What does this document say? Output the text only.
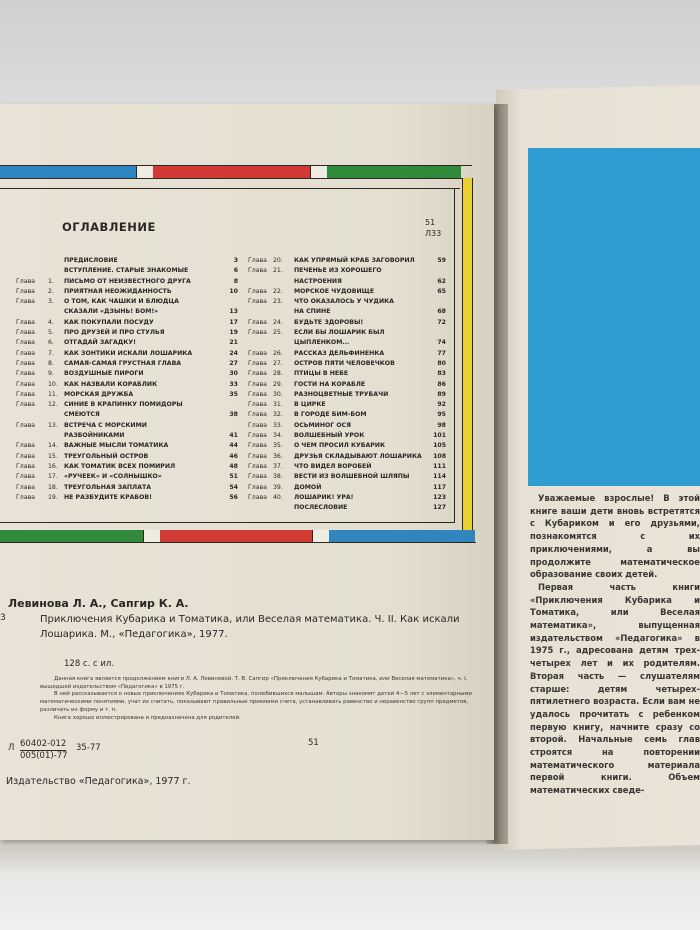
Уважаемые взрослые! В этой книге ваши дети вновь встретятся с Кубариком и его друзьями, познакомятся с их приключениями, а вы продолжите математическое образование своих детей.

Первая часть книги «Приключения Кубарика и Томатика, или Веселая математика», выпущенная издательством «Педагогика» в 1975 г., адресована детям трех-четырех лет и их родителям. Вторая часть — слушателям старше: детям четырех-пятилетнего возраста. Если вам не удалось прочитать с ребенком первую книгу, начните сразу со второй. Начальные семь глав строятся на повторении математического материала первой книги. Объем математических сведе-

ОГЛАВЛЕНИЕ	51
Л33
ПРЕДИСЛОВИЕ	3
ВСТУПЛЕНИЕ. СТАРЫЕ ЗНАКОМЫЕ	6
Глава 1. ПИСЬМО ОТ НЕИЗВЕСТНОГО ДРУГА	8
Глава 2. ПРИЯТНАЯ НЕОЖИДАННОСТЬ	10
Глава 3. О ТОМ, КАК ЧАШКИ И БЛЮДЦА
СКАЗАЛИ «ДЗЫНЬ! БОМ!»	13
Глава 4. КАК ПОКУПАЛИ ПОСУДУ	17
Глава 5. ПРО ДРУЗЕЙ И ПРО СТУЛЬЯ	19
Глава 6. ОТГАДАЙ ЗАГАДКУ!	21
Глава 7. КАК ЗОНТИКИ ИСКАЛИ ЛОШАРИКА	24
Глава 8. САМАЯ-САМАЯ ГРУСТНАЯ ГЛАВА	27
Глава 9. ВОЗДУШНЫЕ ПИРОГИ	30
Глава 10. КАК НАЗВАЛИ КОРАБЛИК	33
Глава 11. МОРСКАЯ ДРУЖБА	35
Глава 12. СИНИЕ В КРАПИНКУ ПОМИДОРЫ
СМЕЮТСЯ	38
Глава 13. ВСТРЕЧА С МОРСКИМИ
РАЗБОЙНИКАМИ	41
Глава 14. ВАЖНЫЕ МЫСЛИ ТОМАТИКА	44
Глава 15. ТРЕУГОЛЬНЫЙ ОСТРОВ	46
Глава 16. КАК ТОМАТИК ВСЕХ ПОМИРИЛ	48
Глава 17. «РУЧЕЕК» И «СОЛНЫШКО»	51
Глава 18. ТРЕУГОЛЬНАЯ ЗАПЛАТА	54
Глава 19. НЕ РАЗБУДИТЕ КРАБОВ!	56
Глава 20. КАК УПРЯМЫЙ КРАБ ЗАГОВОРИЛ	59
Глава 21. ПЕЧЕНЬЕ ИЗ ХОРОШЕГО
НАСТРОЕНИЯ	62
Глава 22. МОРСКОЕ ЧУДОВИЩЕ	65
Глава 23. ЧТО ОКАЗАЛОСЬ У ЧУДИКА
НА СПИНЕ	68
Глава 24. БУДЬТЕ ЗДОРОВЫ!	72
Глава 25. ЕСЛИ БЫ ЛОШАРИК БЫЛ
ЦЫПЛЕНКОМ...	74
Глава 26. РАССКАЗ ДЕЛЬФИНЕНКА	77
Глава 27. ОСТРОВ ПЯТИ ЧЕЛОВЕЧКОВ	80
Глава 28. ПТИЦЫ В НЕБЕ	83
Глава 29. ГОСТИ НА КОРАБЛЕ	86
Глава 30. РАЗНОЦВЕТНЫЕ ТРУБАЧИ	89
Глава 31. В ЦИРКЕ	92
Глава 32. В ГОРОДЕ БИМ-БОМ	95
Глава 33. ОСЬМИНОГ ОСЯ	98
Глава 34. ВОЛШЕБНЫЙ УРОК	101
Глава 35. О ЧЕМ ПРОСИЛ КУБАРИК	105
Глава 36. ДРУЗЬЯ СКЛАДЫВАЮТ ЛОШАРИКА	108
Глава 37. ЧТО ВИДЕЛ ВОРОБЕЙ	111
Глава 38. ВЕСТИ ИЗ ВОЛШЕБНОЙ ШЛЯПЫ	114
Глава 39. ДОМОЙ	117
Глава 40. ЛОШАРИК! УРА!	123
ПОСЛЕСЛОВИЕ	127
Левинова Л. А., Сапгир К. А.
3	Приключения Кубарика и Томатика, или Веселая математика. Ч. II. Как искали Лошарика. М., «Педагогика», 1977.
128 с. с ил.

Данная книга является продолжением книги Л. А. Левиновой, Т. В. Сапгир «Приключения Кубарика и Томатика, или Веселая математика», ч. I, вышедшей издательством «Педагогика» в 1975 г.

В ней рассказывается о новых приключениях Кубарика и Томатика, полюбившихся малышам. Авторы знакомят детей 4—5 лет с элементарными математическими понятиями, учат их считать, показывают правильные приемами счета, устанавливать равенство и неравенство групп предметов, различать их форму и т. п.

Книга хорошо иллюстрирована и предназначена для родителей.

Л $\frac{60402-012}{005(01)-77} 35-77$	51
Издательство «Педагогика», 1977 г.
